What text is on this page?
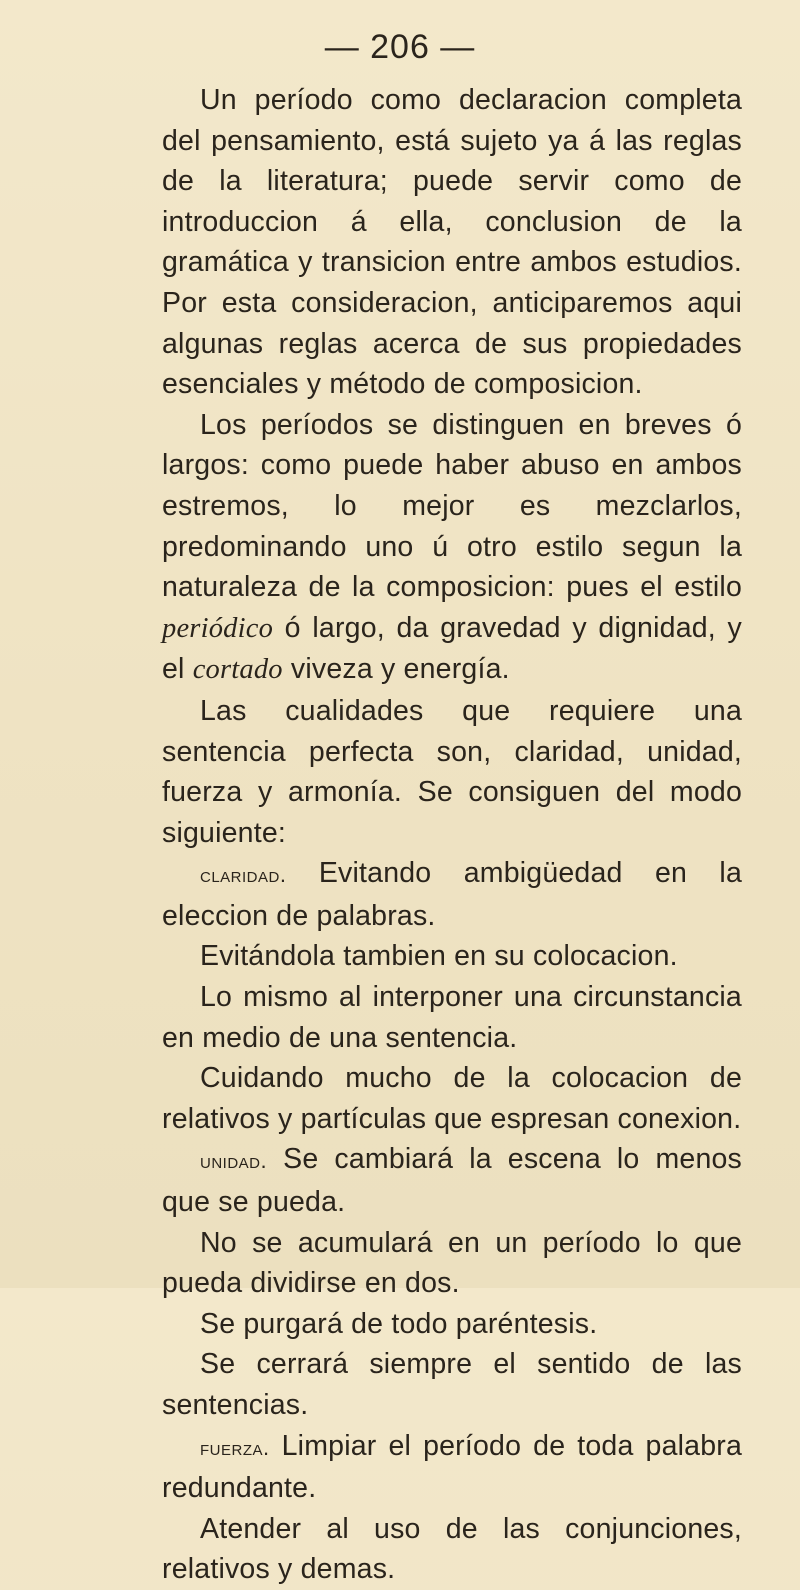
— 206 —

Un período como declaracion completa del pensamiento, está sujeto ya á las reglas de la literatura; puede servir como de introduccion á ella, conclusion de la gramática y transicion entre ambos estudios. Por esta consideracion, anticiparemos aqui algunas reglas acerca de sus propiedades esenciales y método de composicion.

Los períodos se distinguen en breves ó largos: como puede haber abuso en ambos estremos, lo mejor es mezclarlos, predominando uno ú otro estilo segun la naturaleza de la composicion: pues el estilo periódico ó largo, da gravedad y dignidad, y el cortado viveza y energía.

Las cualidades que requiere una sentencia perfecta son, claridad, unidad, fuerza y armonía. Se consiguen del modo siguiente:

claridad. Evitando ambigüedad en la eleccion de palabras.

Evitándola tambien en su colocacion.

Lo mismo al interponer una circunstancia en medio de una sentencia.

Cuidando mucho de la colocacion de relativos y partículas que espresan conexion.

unidad. Se cambiará la escena lo menos que se pueda.

No se acumulará en un período lo que pueda dividirse en dos.

Se purgará de todo paréntesis.

Se cerrará siempre el sentido de las sentencias.

fuerza. Limpiar el período de toda palabra redundante.

Atender al uso de las conjunciones, relativos y demas.
